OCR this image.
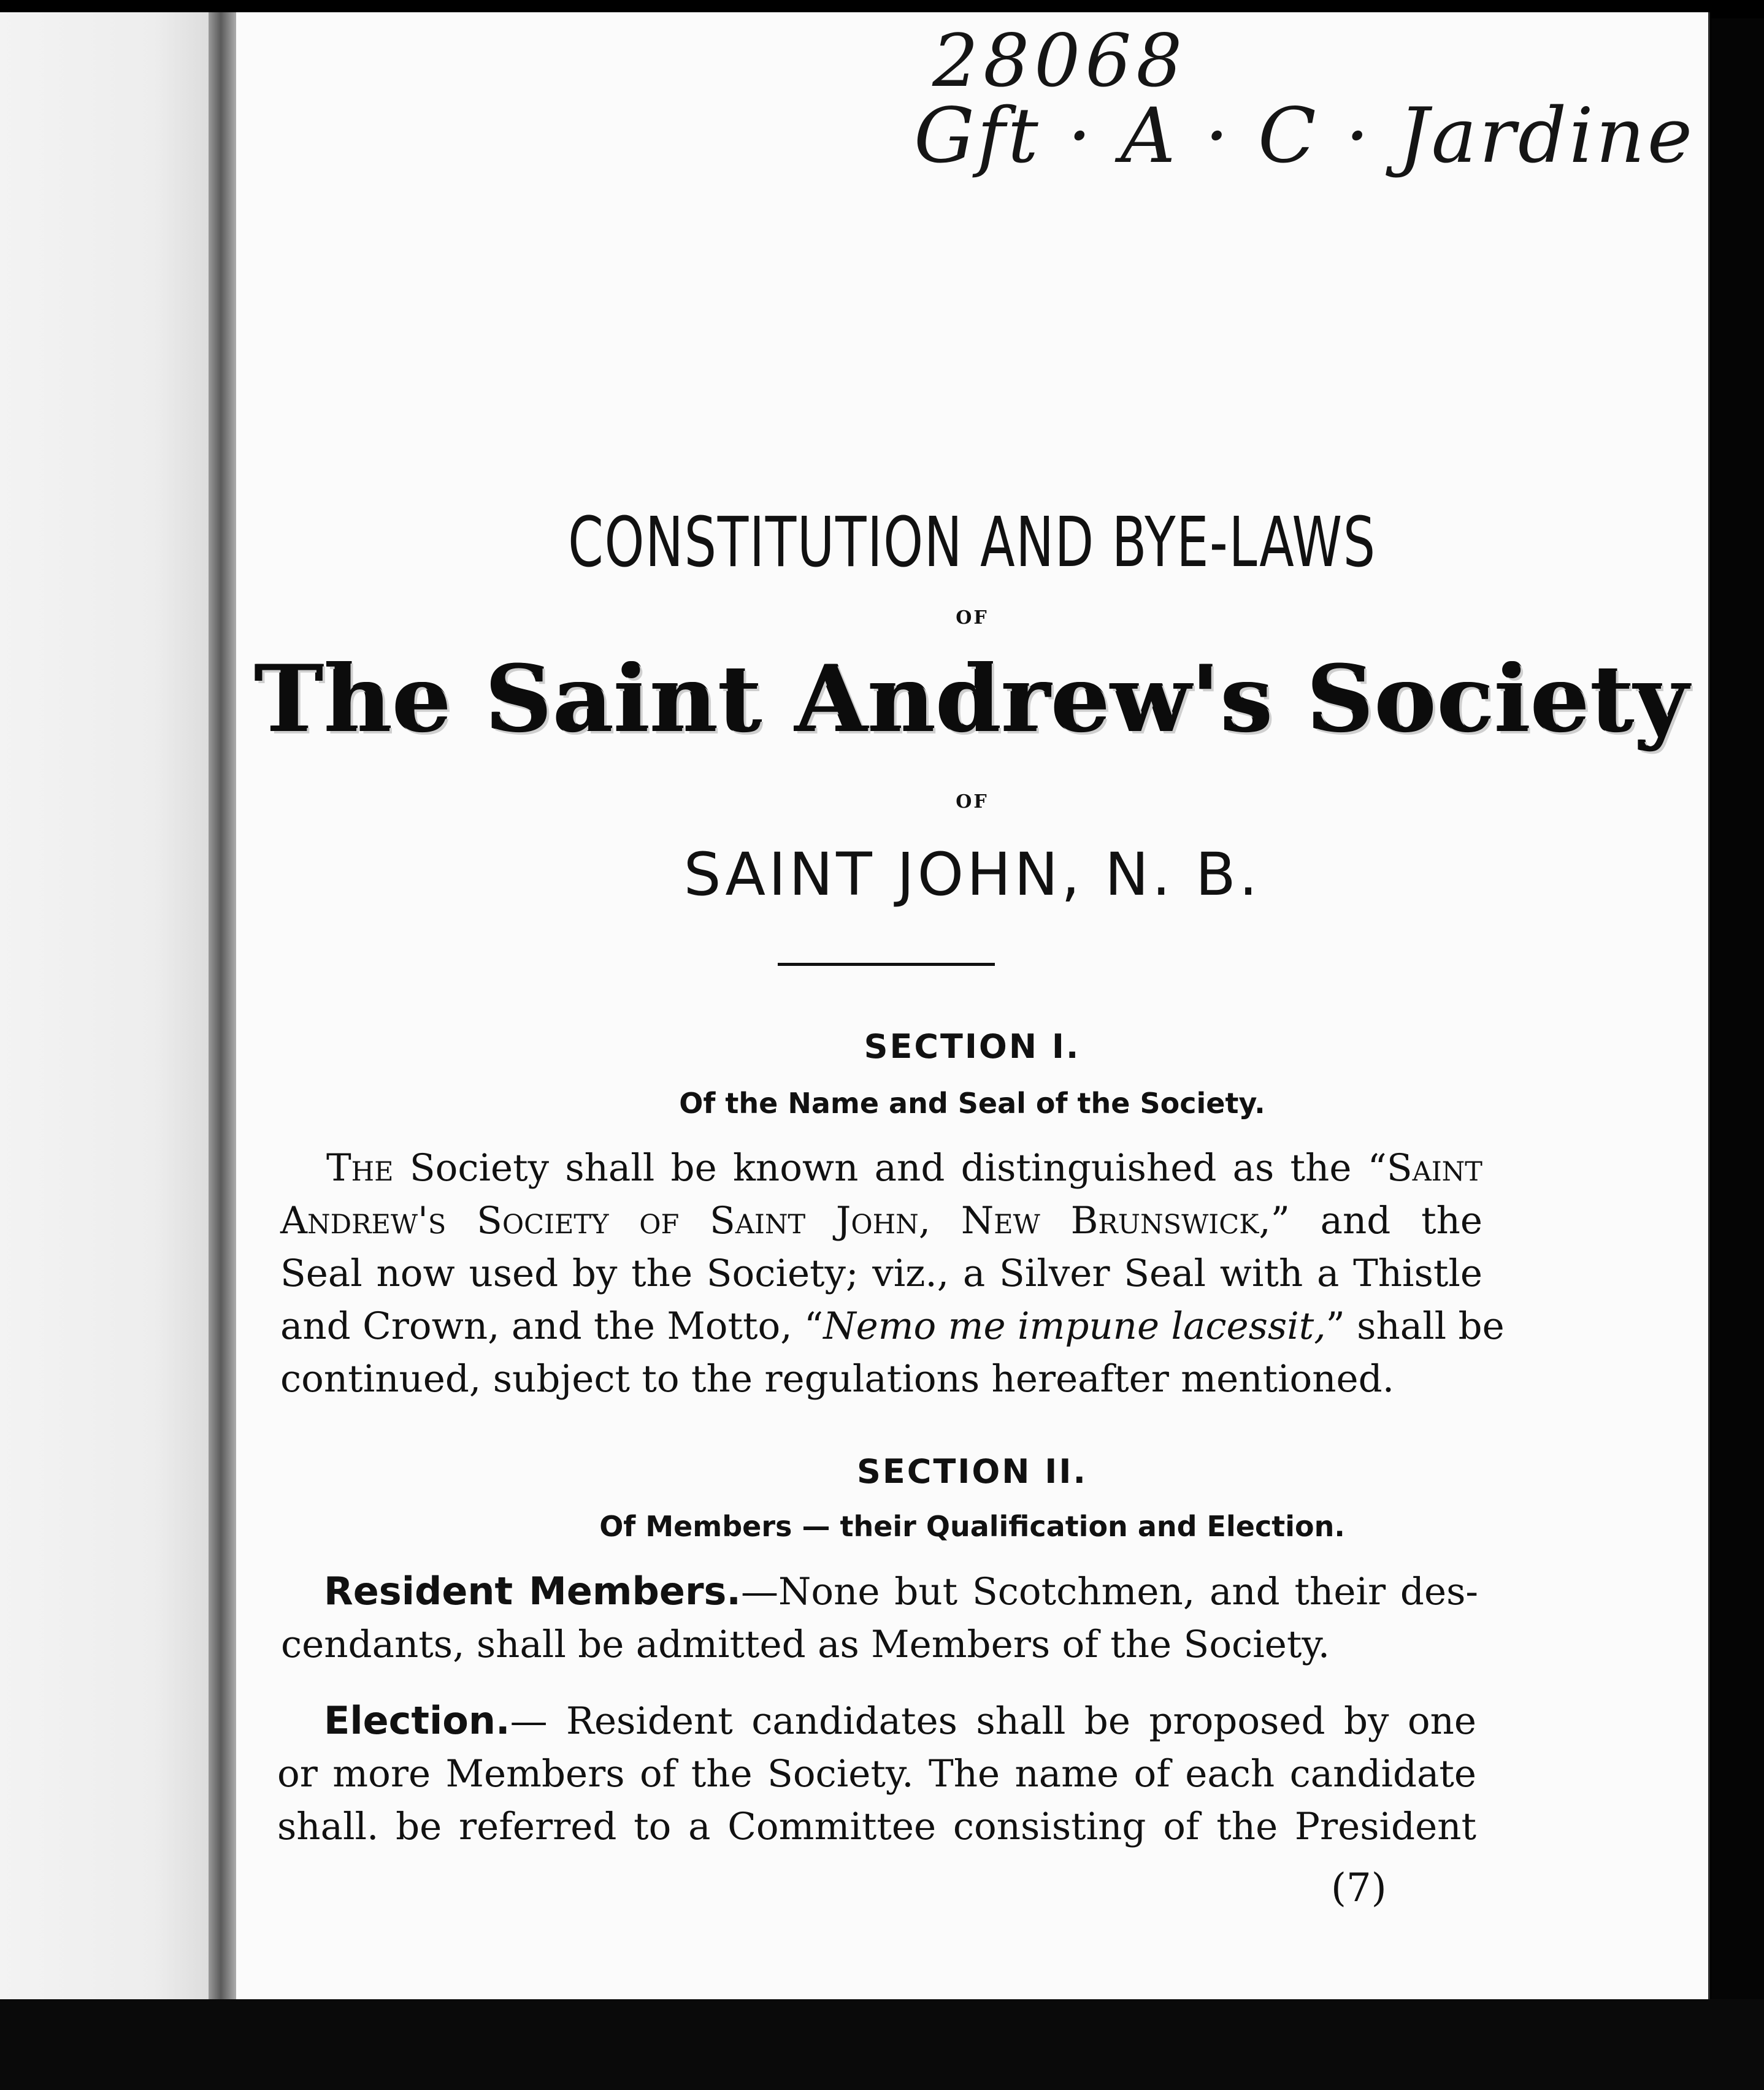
28068
Gft · A · C · Jardine
CONSTITUTION AND BYE-LAWS
OF
The Saint Andrew's Society
OF
SAINT JOHN, N. B.
SECTION I.
Of the Name and Seal of the Society.
The Society shall be known and distinguished as the “Saint
Andrew's Society of Saint John, New Brunswick,” and the
Seal now used by the Society; viz., a Silver Seal with a Thistle
and Crown, and the Motto, “Nemo me impune lacessit,” shall be
continued, subject to the regulations hereafter mentioned.
SECTION II.
Of Members — their Qualification and Election.
Resident Members.—None but Scotchmen, and their des-
cendants, shall be admitted as Members of the Society.
Election.— Resident candidates shall be proposed by one
or more Members of the Society. The name of each candidate
shall. be referred to a Committee consisting of the President
(7)
